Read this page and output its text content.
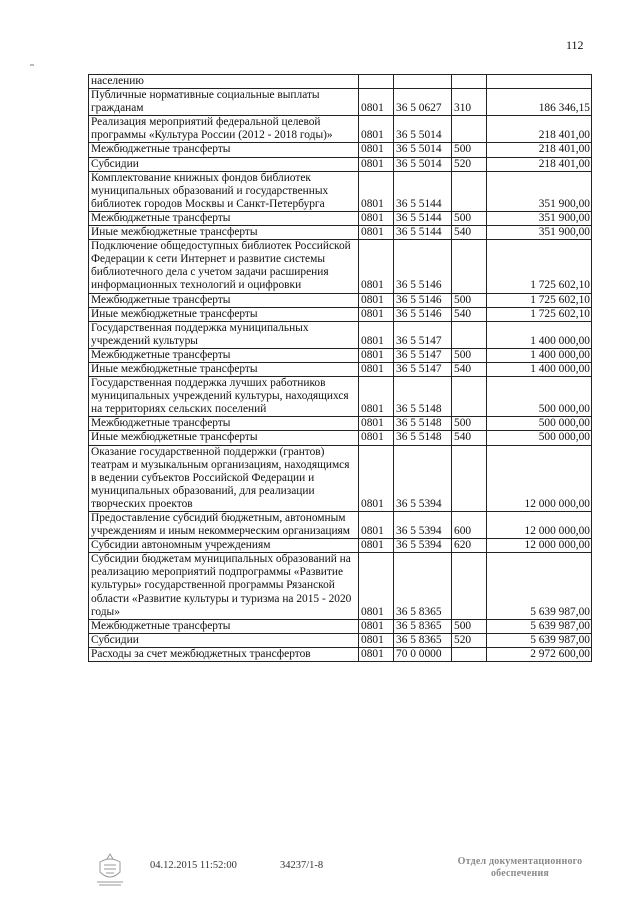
112
населению				
Публичные нормативные социальные выплаты гражданам	0801	36 5 0627	310	186 346,15
Реализация мероприятий федеральной целевой программы «Культура России (2012 - 2018 годы)»	0801	36 5 5014		218 401,00
Межбюджетные трансферты	0801	36 5 5014	500	218 401,00
Субсидии	0801	36 5 5014	520	218 401,00
Комплектование книжных фондов библиотек муниципальных образований и государственных библиотек городов Москвы и Санкт-Петербурга	0801	36 5 5144		351 900,00
Межбюджетные трансферты	0801	36 5 5144	500	351 900,00
Иные межбюджетные трансферты	0801	36 5 5144	540	351 900,00
Подключение общедоступных библиотек Российской Федерации к сети Интернет и развитие системы библиотечного дела с учетом задачи расширения информационных технологий и оцифровки	0801	36 5 5146		1 725 602,10
Межбюджетные трансферты	0801	36 5 5146	500	1 725 602,10
Иные межбюджетные трансферты	0801	36 5 5146	540	1 725 602,10
Государственная поддержка муниципальных учреждений культуры	0801	36 5 5147		1 400 000,00
Межбюджетные трансферты	0801	36 5 5147	500	1 400 000,00
Иные межбюджетные трансферты	0801	36 5 5147	540	1 400 000,00
Государственная поддержка лучших работников муниципальных учреждений культуры, находящихся на территориях сельских поселений	0801	36 5 5148		500 000,00
Межбюджетные трансферты	0801	36 5 5148	500	500 000,00
Иные межбюджетные трансферты	0801	36 5 5148	540	500 000,00
Оказание государственной поддержки (грантов) театрам и музыкальным организациям, находящимся в ведении субъектов Российской Федерации и муниципальных образований, для реализации творческих проектов	0801	36 5 5394		12 000 000,00
Предоставление субсидий бюджетным, автономным учреждениям и иным некоммерческим организациям	0801	36 5 5394	600	12 000 000,00
Субсидии автономным учреждениям	0801	36 5 5394	620	12 000 000,00
Субсидии бюджетам муниципальных образований на реализацию мероприятий подпрограммы «Развитие культуры» государственной программы Рязанской области «Развитие культуры и туризма на 2015 - 2020 годы»	0801	36 5 8365		5 639 987,00
Межбюджетные трансферты	0801	36 5 8365	500	5 639 987,00
Субсидии	0801	36 5 8365	520	5 639 987,00
Расходы за счет межбюджетных трансфертов	0801	70 0 0000		2 972 600,00
04.12.2015 11:52:00	34237/1-8	Отдел документационного
обеспечения
